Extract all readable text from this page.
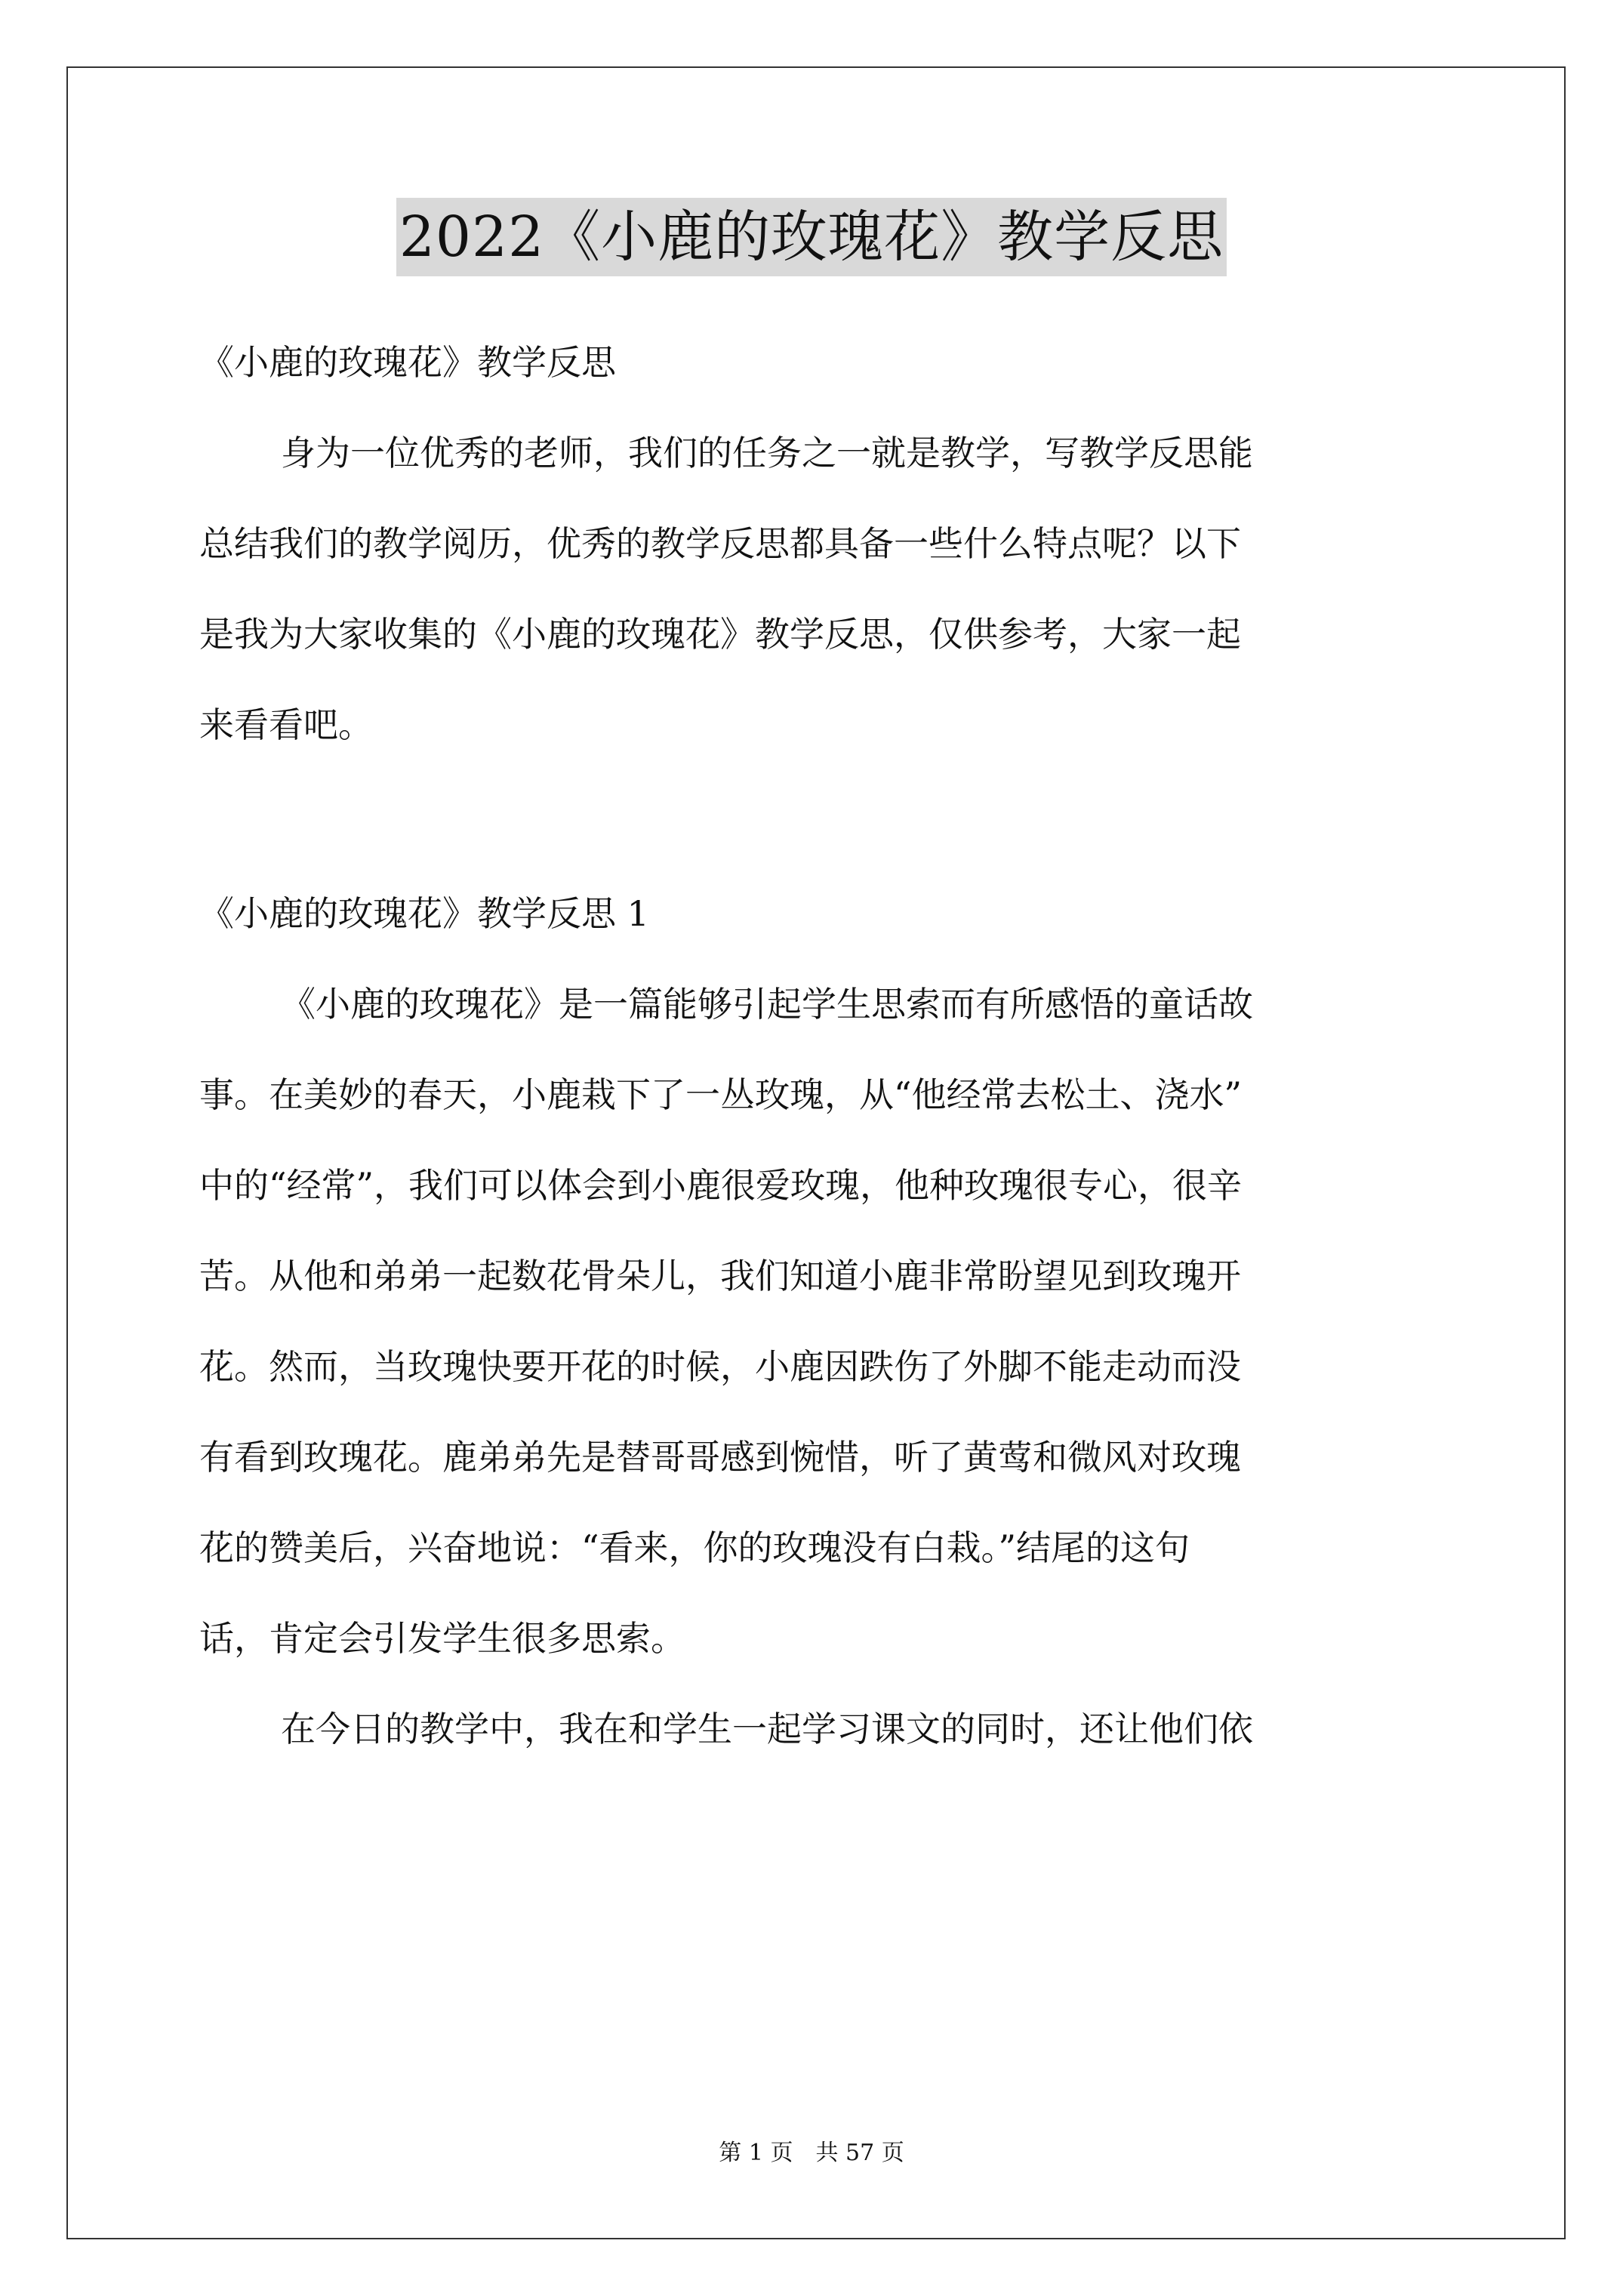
2022《小鹿的玫瑰花》教学反思

《小鹿的玫瑰花》教学反思

身为一位优秀的老师，我们的任务之一就是教学，写教学反思能

总结我们的教学阅历，优秀的教学反思都具备一些什么特点呢？以下

是我为大家收集的《小鹿的玫瑰花》教学反思，仅供参考，大家一起

来看看吧。

《小鹿的玫瑰花》教学反思 1

《小鹿的玫瑰花》是一篇能够引起学生思索而有所感悟的童话故

事。在美妙的春天，小鹿栽下了一丛玫瑰，从“他经常去松土、浇水”

中的“经常”，我们可以体会到小鹿很爱玫瑰，他种玫瑰很专心，很辛

苦。从他和弟弟一起数花骨朵儿，我们知道小鹿非常盼望见到玫瑰开

花。然而，当玫瑰快要开花的时候，小鹿因跌伤了外脚不能走动而没

有看到玫瑰花。鹿弟弟先是替哥哥感到惋惜，听了黄莺和微风对玫瑰

花的赞美后，兴奋地说：“看来，你的玫瑰没有白栽。”结尾的这句

话，肯定会引发学生很多思索。

在今日的教学中，我在和学生一起学习课文的同时，还让他们依

第 1 页　共 57 页
